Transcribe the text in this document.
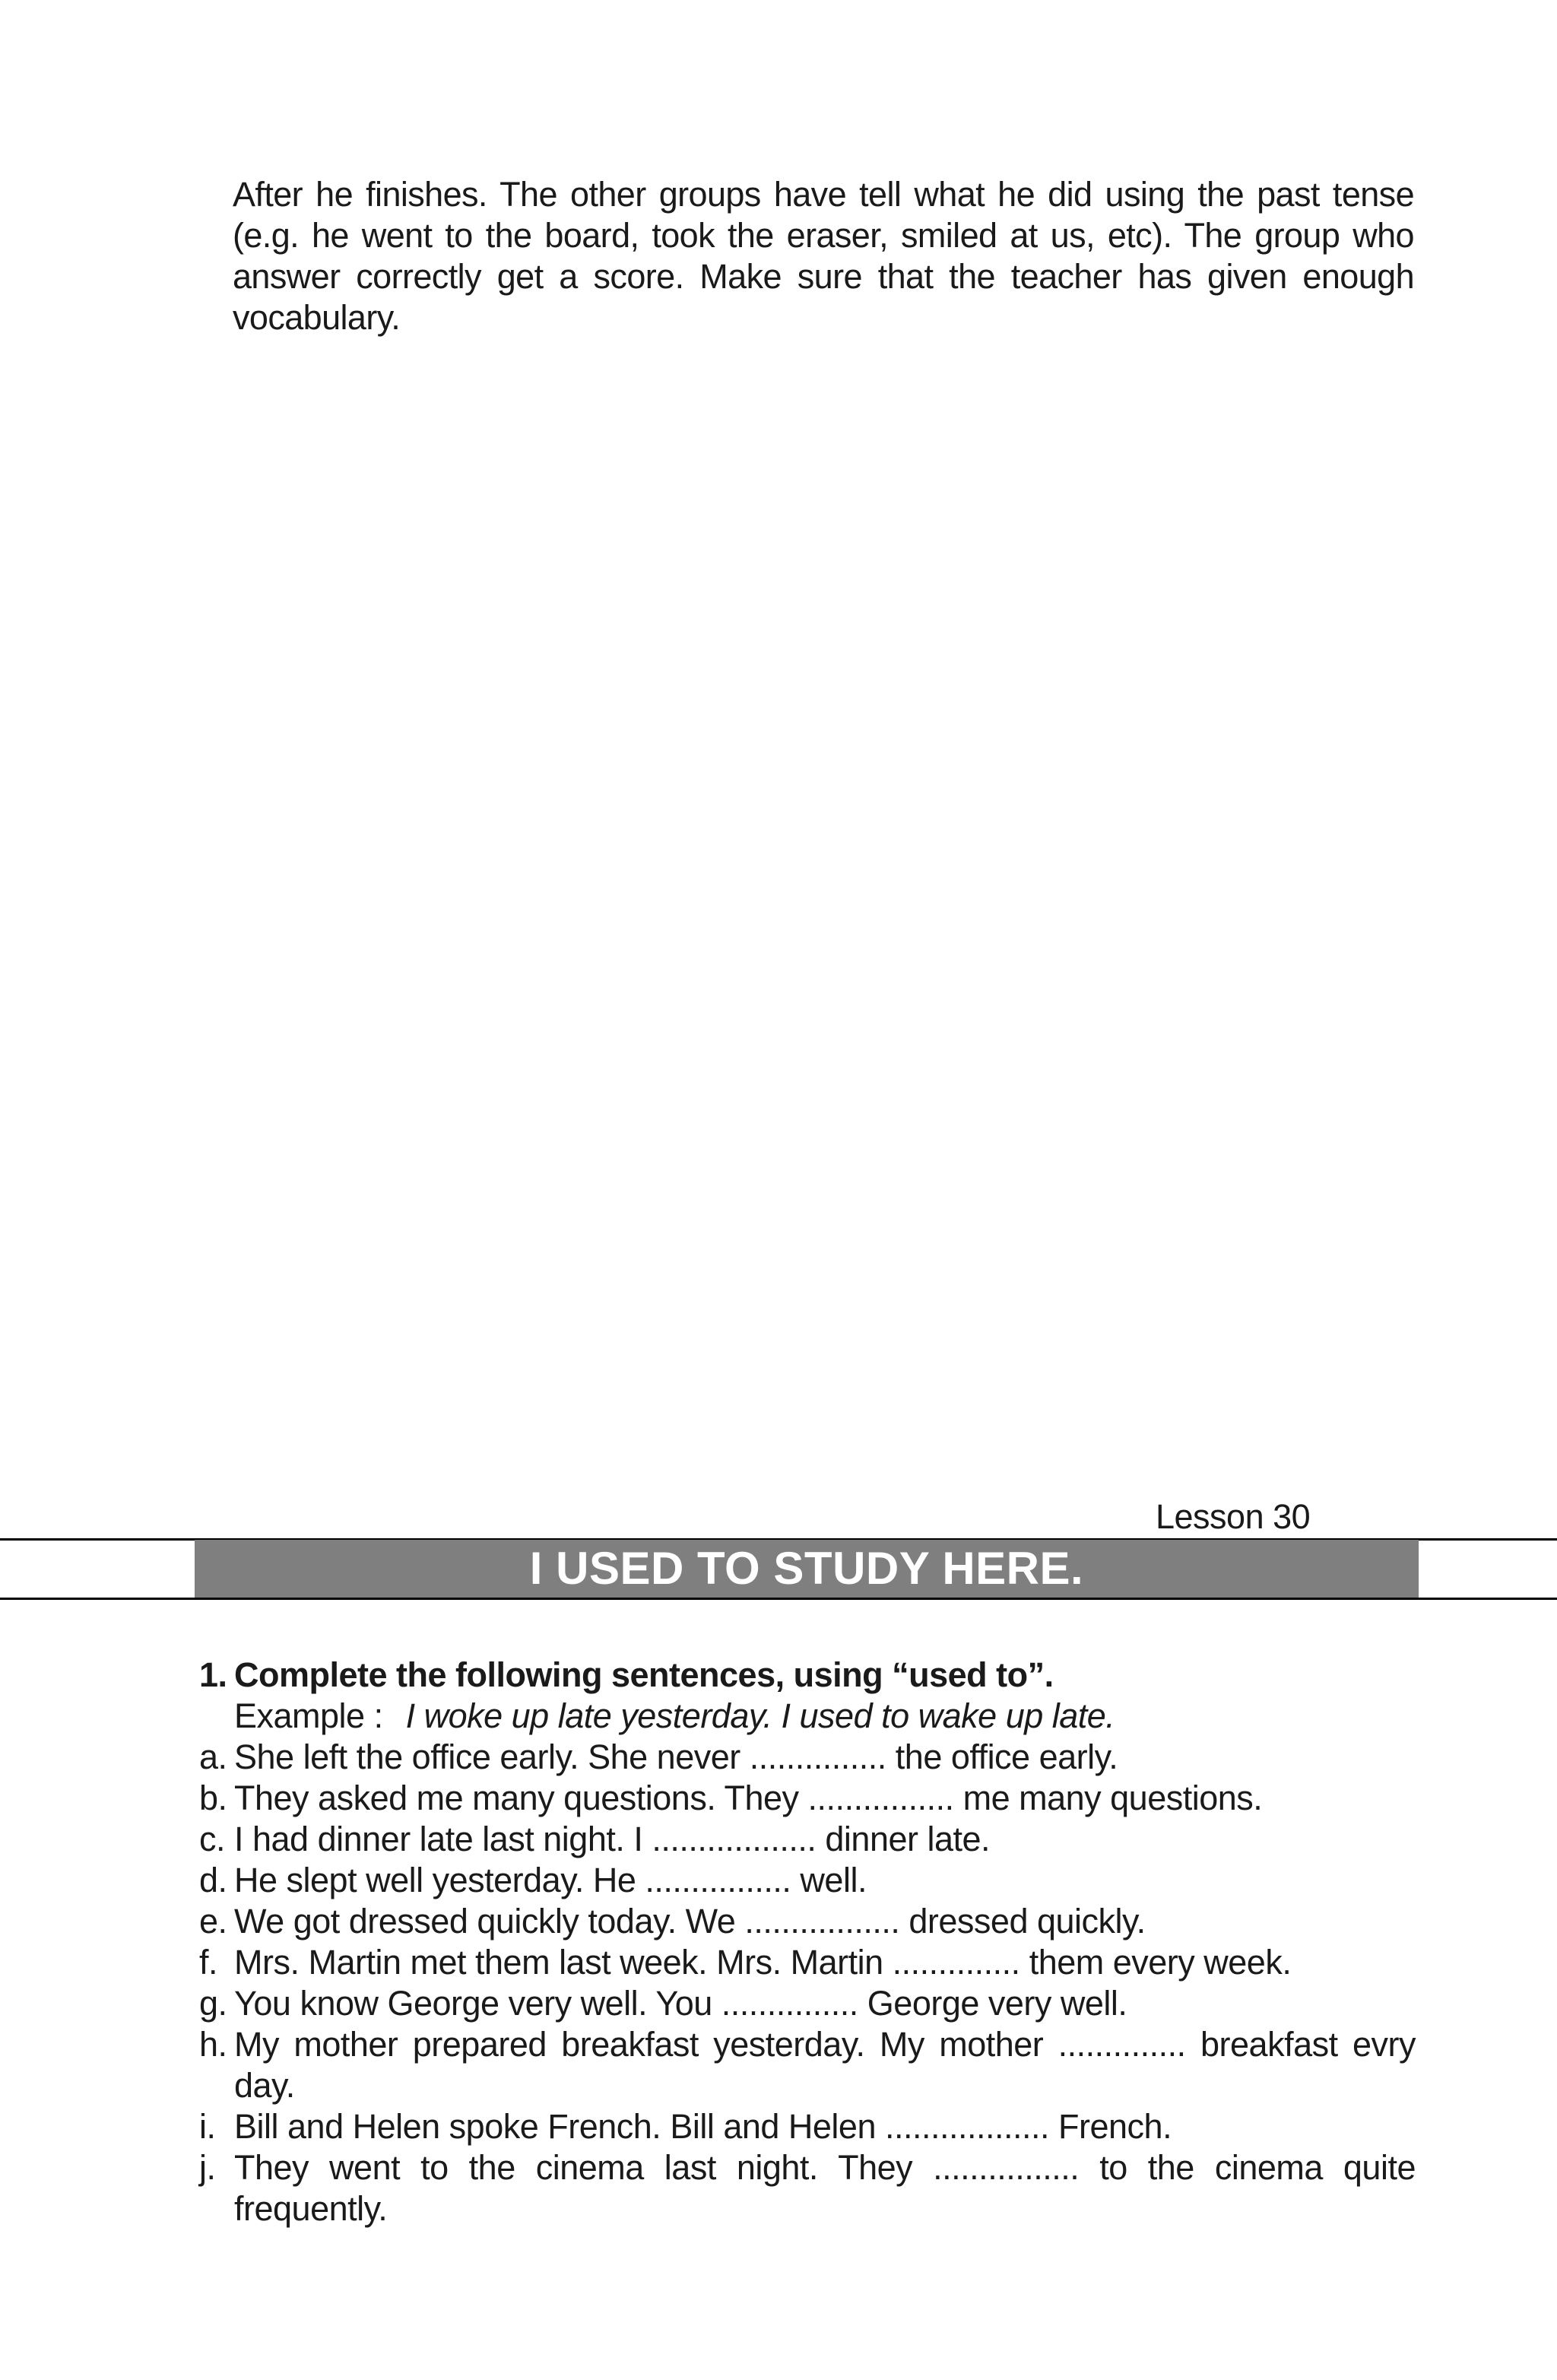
After he finishes. The other groups have tell what he did using the past tense (e.g. he went to the board, took the eraser, smiled at us, etc). The group who answer correctly get a score. Make sure that the teacher has given enough vocabulary.

Lesson 30
I USED TO STUDY HERE.
1. Complete the following sentences, using “used to”.
Example : I woke up late yesterday. I used to wake up late.
a. She left the office early. She never ............... the office early.
b. They asked me many questions. They ................ me many questions.
c. I had dinner late last night. I .................. dinner late.
d. He slept well yesterday. He ................ well.
e. We got dressed quickly today. We ................. dressed quickly.
f. Mrs. Martin met them last week. Mrs. Martin .............. them every week.
g. You know George very well. You ............... George very well.
h. My mother prepared breakfast yesterday. My mother .............. breakfast evry day.
i. Bill and Helen spoke French. Bill and Helen .................. French.
j. They went to the cinema last night. They ................ to the cinema quite frequently.
